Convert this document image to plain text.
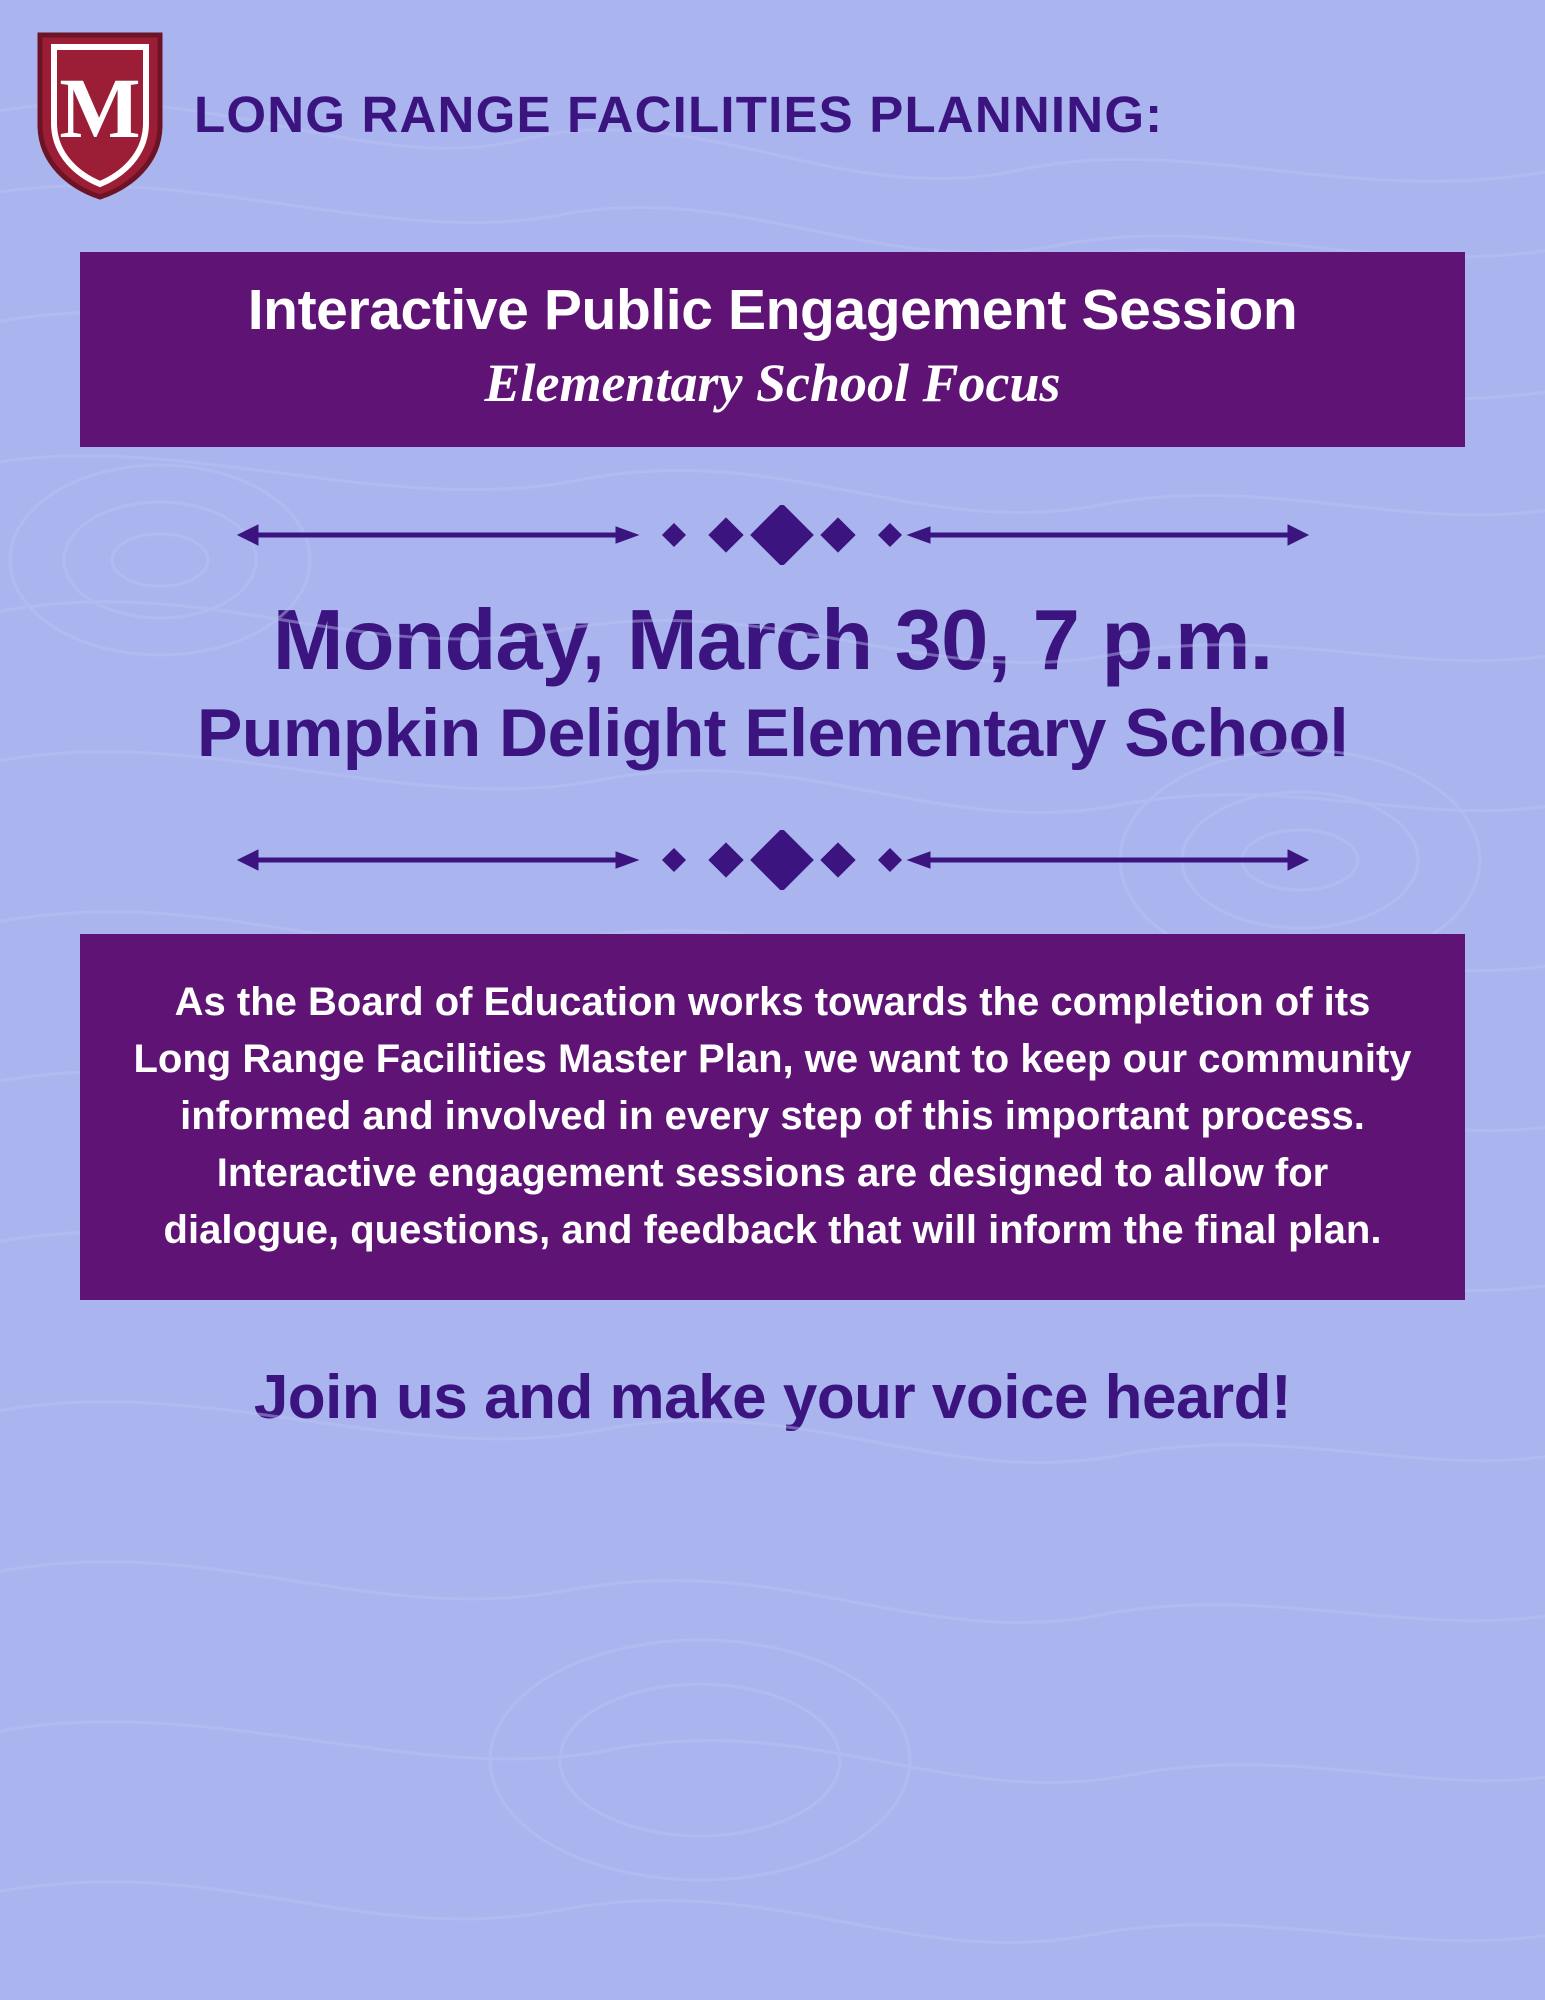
M LONG RANGE FACILITIES PLANNING:
Interactive Public Engagement Session
Elementary School Focus
Monday, March 30, 7 p.m.
Pumpkin Delight Elementary School
As the Board of Education works towards the completion of its Long Range Facilities Master Plan, we want to keep our community informed and involved in every step of this important process. Interactive engagement sessions are designed to allow for dialogue, questions, and feedback that will inform the final plan.
Join us and make your voice heard!
